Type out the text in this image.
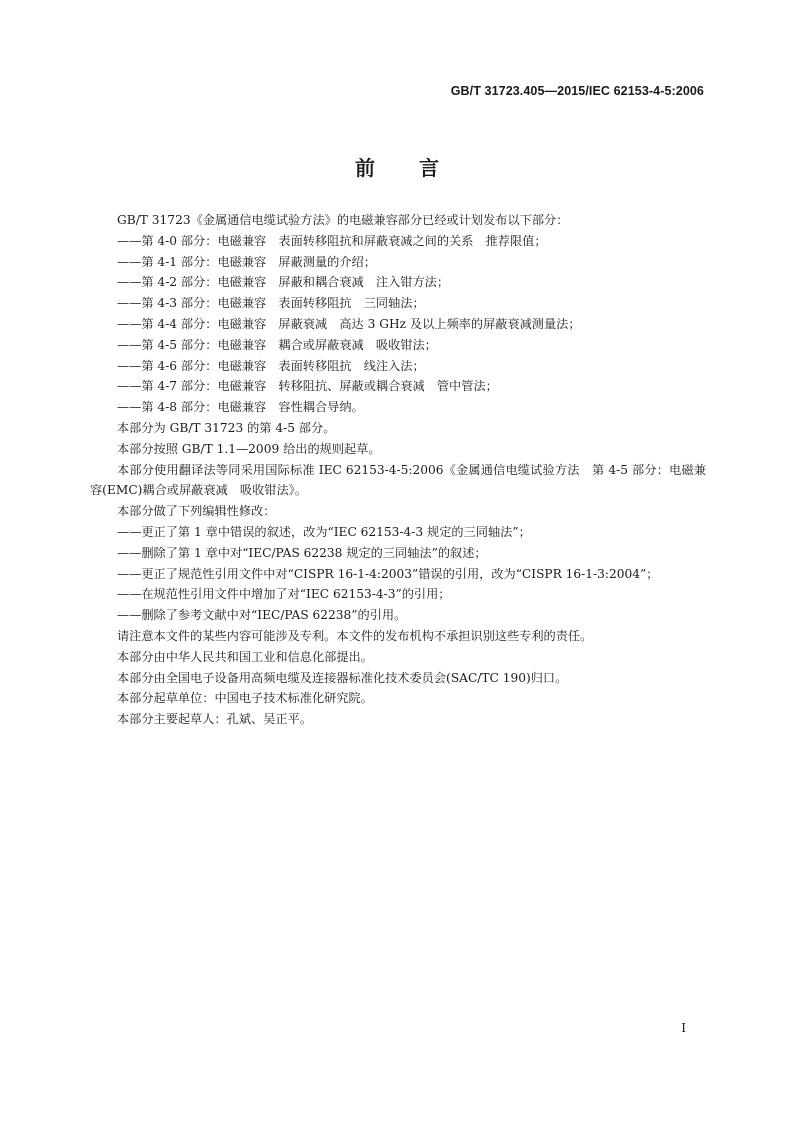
GB/T 31723.405—2015/IEC 62153-4-5:2006
前言

GB/T 31723《金属通信电缆试验方法》的电磁兼容部分已经或计划发布以下部分：

——第 4-0 部分：电磁兼容　表面转移阻抗和屏蔽衰减之间的关系　推荐限值；

——第 4-1 部分：电磁兼容　屏蔽测量的介绍；

——第 4-2 部分：电磁兼容　屏蔽和耦合衰减　注入钳方法；

——第 4-3 部分：电磁兼容　表面转移阻抗　三同轴法；

——第 4-4 部分：电磁兼容　屏蔽衰减　高达 3 GHz 及以上频率的屏蔽衰减测量法；

——第 4-5 部分：电磁兼容　耦合或屏蔽衰减　吸收钳法；

——第 4-6 部分：电磁兼容　表面转移阻抗　线注入法；

——第 4-7 部分：电磁兼容　转移阻抗、屏蔽或耦合衰减　管中管法；

——第 4-8 部分：电磁兼容　容性耦合导纳。

本部分为 GB/T 31723 的第 4-5 部分。

本部分按照 GB/T 1.1—2009 给出的规则起草。

本部分使用翻译法等同采用国际标准 IEC 62153-4-5:2006《金属通信电缆试验方法　第 4-5 部分：电磁兼容(EMC)耦合或屏蔽衰减　吸收钳法》。

本部分做了下列编辑性修改：

——更正了第 1 章中错误的叙述，改为“IEC 62153-4-3 规定的三同轴法”；

——删除了第 1 章中对“IEC/PAS 62238 规定的三同轴法”的叙述；

——更正了规范性引用文件中对“CISPR 16-1-4:2003”错误的引用，改为“CISPR 16-1-3:2004”；

——在规范性引用文件中增加了对“IEC 62153-4-3”的引用；

——删除了参考文献中对“IEC/PAS 62238”的引用。

请注意本文件的某些内容可能涉及专利。本文件的发布机构不承担识别这些专利的责任。

本部分由中华人民共和国工业和信息化部提出。

本部分由全国电子设备用高频电缆及连接器标准化技术委员会(SAC/TC 190)归口。

本部分起草单位：中国电子技术标准化研究院。

本部分主要起草人：孔斌、吴正平。

I
